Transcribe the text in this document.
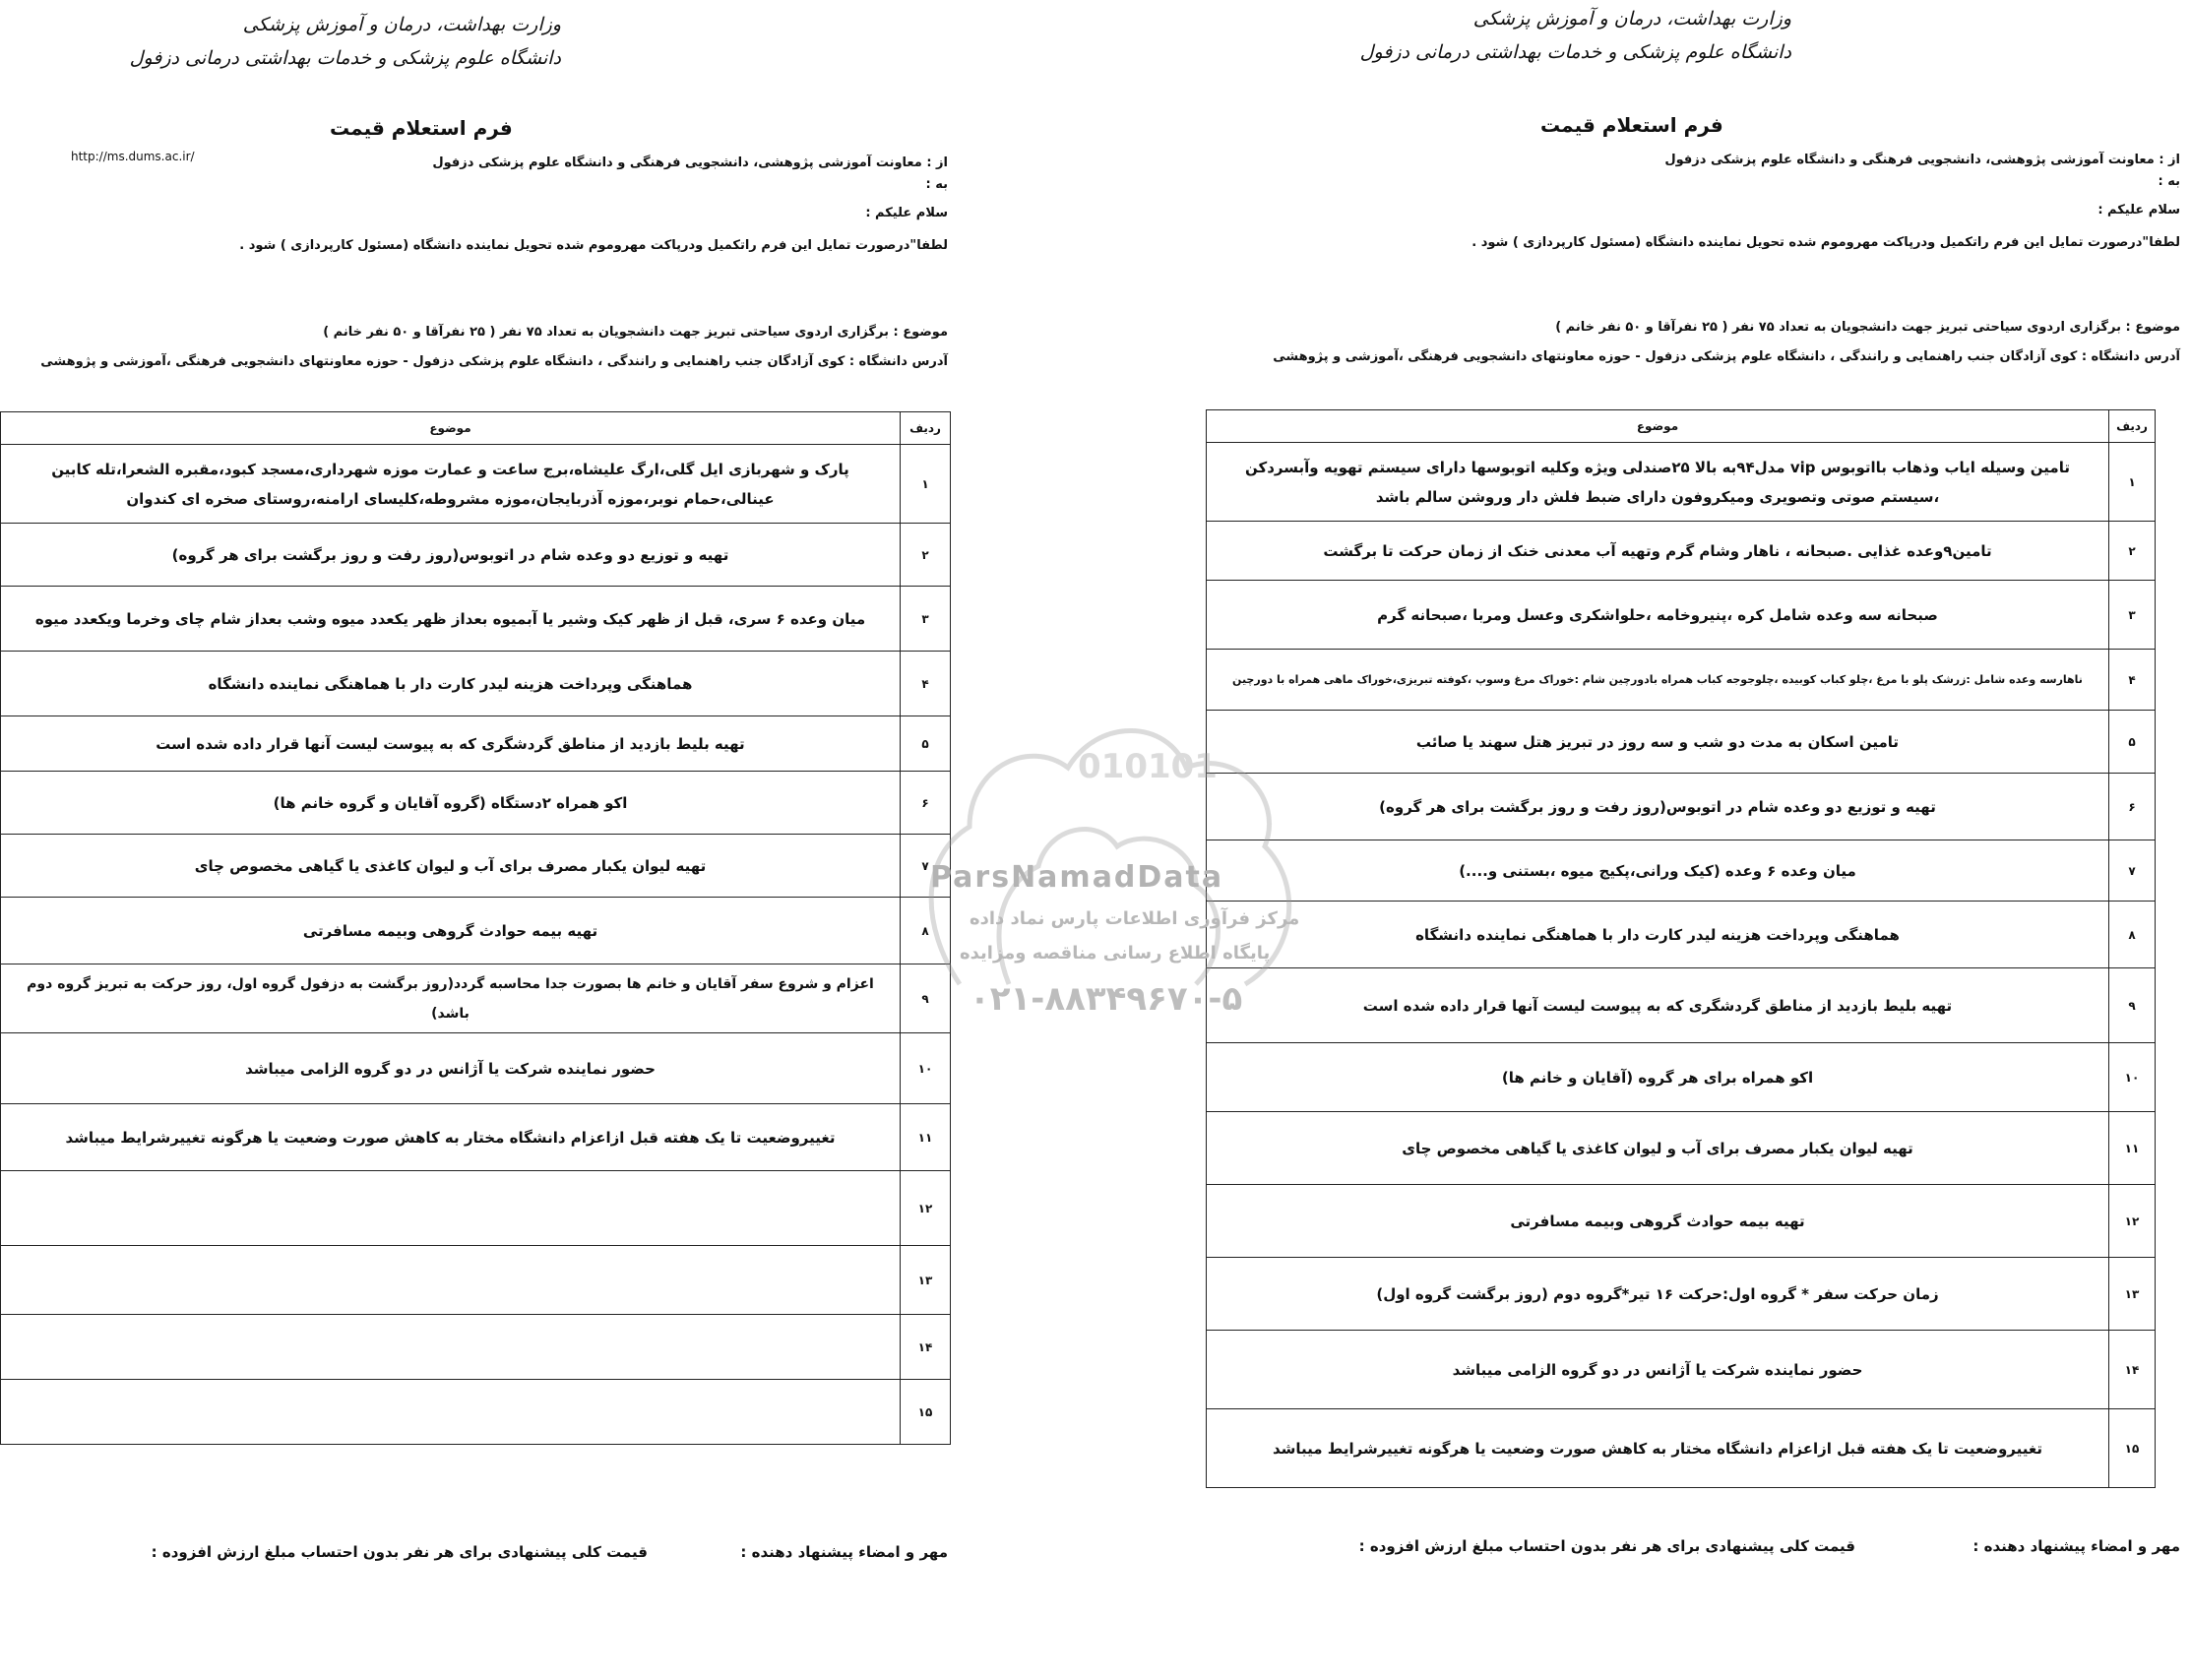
وزارت بهداشت، درمان و آموزش پزشکی
دانشگاه علوم پزشکی و خدمات بهداشتی درمانی دزفول
فرم استعلام قیمت
http://ms.dums.ac.ir/	از : معاونت آموزشی پژوهشی، دانشجویی فرهنگی و دانشگاه علوم پزشکی دزفول
به :
سلام علیکم :
لطفا"درصورت تمایل این فرم راتکمیل ودرپاکت مهروموم شده تحویل نماینده دانشگاه (مسئول کارپردازی ) شود .
موضوع : برگزاری اردوی سیاحتی تبریز جهت دانشجویان به تعداد ۷۵ نفر ( ۲۵ نفرآقا و ۵۰ نفر خانم )
آدرس دانشگاه : کوی آزادگان جنب راهنمایی و رانندگی ، دانشگاه علوم پزشکی دزفول - حوزه معاونتهای دانشجویی فرهنگی ،آموزشی و پژوهشی
ردیف	موضوع
۱	پارک و شهربازی ایل گلی،ارگ علیشاه،برج ساعت و عمارت موزه شهرداری،مسجد کبود،مقبره الشعرا،تله کابین عینالی،حمام نوبر،موزه آذربایجان،موزه مشروطه،کلیسای ارامنه،روستای صخره ای کندوان
۲	تهیه و توزیع دو وعده شام در اتوبوس(روز رفت و روز برگشت برای هر گروه)
۳	میان وعده ۶ سری، قبل از ظهر کیک وشیر یا آبمیوه بعداز ظهر یکعدد میوه وشب بعداز شام چای وخرما ویکعدد میوه
۴	هماهنگی وپرداخت هزینه لیدر کارت دار با هماهنگی نماینده دانشگاه
۵	تهیه بلیط بازدید از مناطق گردشگری که به پیوست لیست آنها قرار داده شده است
۶	اکو همراه ۲دستگاه (گروه آقایان و گروه خانم ها)
۷	تهیه لیوان یکبار مصرف برای آب و لیوان کاغذی یا گیاهی مخصوص چای
۸	تهیه بیمه حوادث گروهی وبیمه مسافرتی
۹	اعزام و شروع سفر آقایان و خانم ها بصورت جدا محاسبه گردد(روز برگشت به دزفول گروه اول، روز حرکت به تبریز گروه دوم باشد)
۱۰	حضور نماینده شرکت یا آژانس در دو گروه الزامی میباشد
۱۱	تغییروضعیت تا یک هفته قبل ازاعزام دانشگاه مختار به کاهش صورت وضعیت یا هرگونه تغییرشرایط میباشد
۱۲	
۱۳	
۱۴	
۱۵	
مهر و امضاء پیشنهاد دهنده :
قیمت کلی پیشنهادی برای هر نفر بدون احتساب مبلغ ارزش افزوده :
وزارت بهداشت، درمان و آموزش پزشکی
دانشگاه علوم پزشکی و خدمات بهداشتی درمانی دزفول
فرم استعلام قیمت
از : معاونت آموزشی پژوهشی، دانشجویی فرهنگی و دانشگاه علوم پزشکی دزفول
به :
سلام علیکم :
لطفا"درصورت تمایل این فرم راتکمیل ودرپاکت مهروموم شده تحویل نماینده دانشگاه (مسئول کارپردازی ) شود .
موضوع : برگزاری اردوی سیاحتی تبریز جهت دانشجویان به تعداد ۷۵ نفر ( ۲۵ نفرآقا و ۵۰ نفر خانم )
آدرس دانشگاه : کوی آزادگان جنب راهنمایی و رانندگی ، دانشگاه علوم پزشکی دزفول - حوزه معاونتهای دانشجویی فرهنگی ،آموزشی و پژوهشی
ردیف	موضوع
۱	تامین وسیله ایاب وذهاب بااتوبوس vip مدل۹۴به بالا ۲۵صندلی ویژه وکلیه اتوبوسها دارای سیستم تهویه وآبسردکن ،سیستم صوتی وتصویری ومیکروفون دارای ضبط فلش دار وروشن سالم باشد
۲	تامین۹وعده غذایی .صبحانه ، ناهار وشام گرم وتهیه آب معدنی خنک از زمان حرکت تا برگشت
۳	صبحانه سه وعده شامل کره ،پنیروخامه ،حلواشکری وعسل ومربا ،صبحانه گرم
۴	ناهارسه وعده شامل :زرشک پلو با مرغ ،چلو کباب کوبیده ،چلوجوجه کباب همراه بادورچین شام :خوراک مرغ وسوپ ،کوفته تبریزی،خوراک ماهی همراه با دورچین
۵	تامین اسکان به مدت دو شب و سه روز در تبریز هتل سهند یا صائب
۶	تهیه و توزیع دو وعده شام در اتوبوس(روز رفت و روز برگشت برای هر گروه)
۷	میان وعده ۶ وعده (کیک ورانی،پکیج میوه ،بستنی و....)
۸	هماهنگی وپرداخت هزینه لیدر کارت دار با هماهنگی نماینده دانشگاه
۹	تهیه بلیط بازدید از مناطق گردشگری که به پیوست لیست آنها قرار داده شده است
۱۰	اکو همراه برای هر گروه (آقایان و خانم ها)
۱۱	تهیه لیوان یکبار مصرف برای آب و لیوان کاغذی یا گیاهی مخصوص چای
۱۲	تهیه بیمه حوادث گروهی وبیمه مسافرتی
۱۳	زمان حرکت سفر * گروه اول:حرکت ۱۶ تیر*گروه دوم (روز برگشت گروه اول)
۱۴	حضور نماینده شرکت یا آژانس در دو گروه الزامی میباشد
۱۵	تغییروضعیت تا یک هفته قبل ازاعزام دانشگاه مختار به کاهش صورت وضعیت یا هرگونه تغییرشرایط میباشد
مهر و امضاء پیشنهاد دهنده :
قیمت کلی پیشنهادی برای هر نفر بدون احتساب مبلغ ارزش افزوده :
010101
ParsNamadData
مرکز فرآوری اطلاعات پارس نماد داده
پایگاه اطلاع رسانی مناقصه ومزایده
۰۲۱-۸۸۳۴۹۶۷۰-۵
